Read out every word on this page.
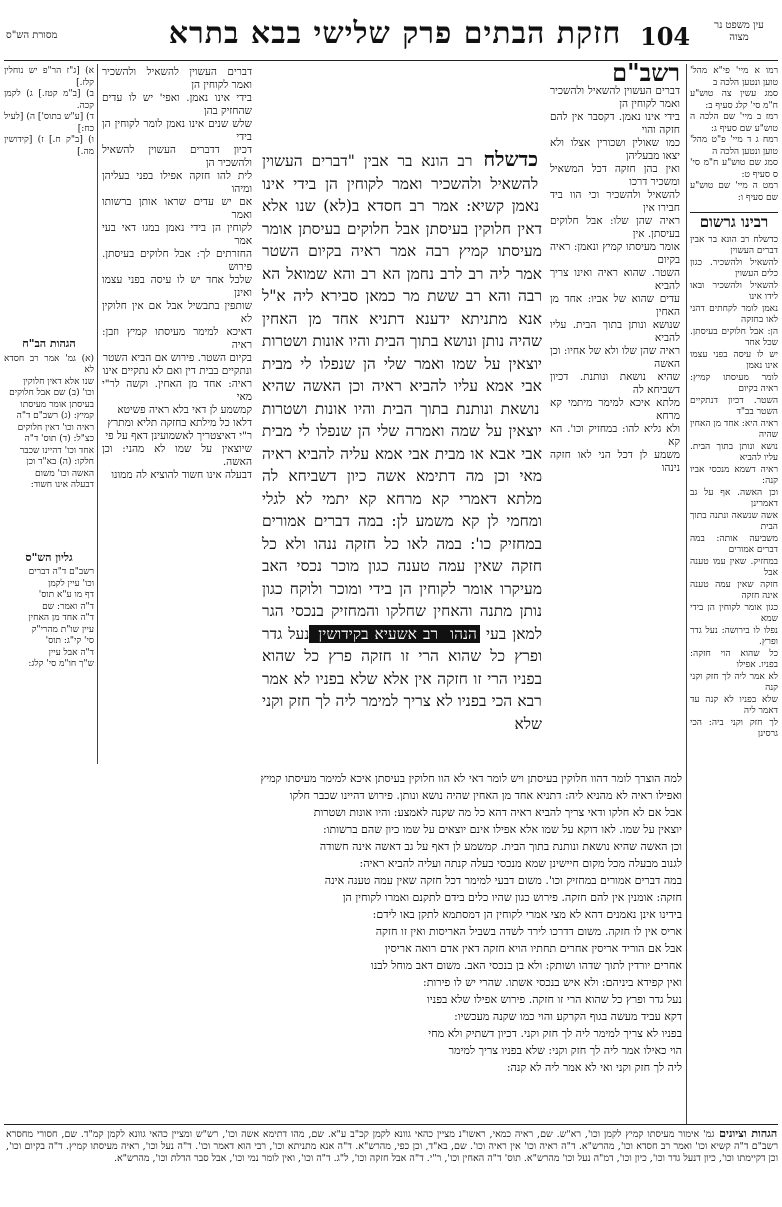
מסורת הש"ס	חזקת הבתים פרק שלישי בבא בתרא 104	עין משפט נר מצוה
א) [ג"ז הר"פ יש נוחלין קלז.]
ב) [ב"מ קטז.] ג) לקמן קכה.
ד) [ע"ש בתוס'] ה) [לעיל כח:]
ו) [ב"ק ח.] ז) [קידושין מה.]
הגהות הב"ח
(א) גמ' אמר רב חסדא לא
שנו אלא דאין חלוקין
וכו' (ב) שם אבל חלוקים
בעיסתן אומר מעיסתו
קמיץ: (ג) רשב"ם ד"ה
ראיה וכו' דאין חלוקים
כצ"ל: (ד) תוס' ד"ה
אחד וכו' דהיינו שכבר
חלקו: (ה) בא"ד וכן
האשה וכו' משום
דבעלה אינו חשוד:
גליון הש"ס
רשב"ם ד"ה דברים
וכו' עיין לקמן
דף מו ע"א תוס'
ד"ה ואמר: שם
ד"ה אחד מן האחין
עיין שו"ת מהרי"ק
סי' קי"ג: תוס'
ד"ה אבל עיין
ש"ך חו"מ סי' קלג:
דברים העשוין להשאיל ולהשכיר ואמר לקוחין הן
בידי אינו נאמן. ואפי' יש לו עדים שהחזיק בהן
שלש שנים אינו נאמן לומר לקוחין הן בידי
דכיון דדברים העשוין להשאיל ולהשכיר הן
לית להו חזקה אפילו בפני בעליהן ומיהו
אם יש עדים שראו אותן ברשותו ואמר
לקוחין הן בידי נאמן במגו דאי בעי אמר
החזרתים לך: אבל חלוקים בעיסתן. פירוש
שלכל אחד יש לו עיסה בפני עצמו ואינן
שותפין בתבשיל אבל אם אין חלוקין לא
דאיכא למימר מעיסתו קמיץ וזבן: ראיה
בקיום השטר. פירוש אם הביא השטר
ונתקיים בבית דין ואם לא נתקיים אינו
ראיה: אחד מן האחין. וקשה לר"י מאי
קמשמע לן דאי בלא ראיה פשיטא
דלאו כל מילתא בחזקה תליא ומתרץ
ר"י דאיצטריך לאשמועינן דאף על פי
שיוצאין על שמו לא מהני: וכן האשה.
דבעלה אינו חשוד להוציא לה ממונו
כדשלח רב הונא בר אבין "דברים העשוין להשאיל ולהשכיר ואמר לקוחין הן בידי אינו נאמן קשיא: אמר רב חסדא ב(לא) שנו אלא דאין חלוקין בעיסתן אבל חלוקים בעיסתן אומר מעיסתו קמיץ רבה אמר ראיה בקיום השטר אמר ליה רב לרב נחמן הא רב והא שמואל הא רבה והא רב ששת מר כמאן סבירא ליה א"ל אנא מתניתא ידענא דתניא אחד מן האחין שהיה נותן ונושא בתוך הבית והיו אונות ושטרות יוצאין על שמו ואמר שלי הן שנפלו לי מבית אבי אמא עליו להביא ראיה וכן האשה שהיא נושאת ונותנת בתוך הבית והיו אונות ושטרות יוצאין על שמה ואמרה שלי הן שנפלו לי מבית אבי אבא או מבית אבי אמא עליה להביא ראיה מאי וכן מה דתימא אשה כיון דשביחא לה מלתא דאמרי קא מרחא קא יתמי לא לגלי ומחמי לן קא משמע לן: במה דברים אמורים במחזיק כו': במה לאו כל חזקה ננהו ולא כל חזקה שאין עמה טענה כגון מוכר נכסי האב מעיקרו אומר לקוחין הן בידי ומוכר ולוקח כגון נותן מתנה והאחין שחלקו והמחזיק בנכסי הגר למאן בעי הנהו רב אשעיא בקידושין נעל גדר ופרץ כל שהוא הרי זו חזקה פרץ כל שהוא בפניו הרי זו חזקה אין אלא שלא בפניו לא אמר רבא הכי בפניו לא צריך למימר ליה לך חזק וקני שלא
רשב"ם
דברים העשוין להשאיל ולהשכיר ואמר לקוחין הן
בידי אינו נאמן. דקסבר אין להם חזקה והוי
כמו שאולין ושכורין אצלו ולא יצאו מבעליהן
ואין בהן חזקה דכל המשאיל ומשכיר דרכו
להשאיל ולהשכיר וכי הוו ביד חבירו אין
ראיה שהן שלו: אבל חלוקים בעיסתן. אין
אומר מעיסתו קמיץ ונאמן: ראיה בקיום
השטר. שהוא ראיה ואינו צריך להביא
עדים שהוא של אביו: אחד מן האחין
שנושא ונותן בתוך הבית. עליו להביא
ראיה שהן שלו ולא של אחיו: וכן האשה
שהיא נושאת ונותנת. דכיון דשביחא לה
מלתא איכא למימר מיתמי קא מרחא
ולא גליא להו: במחזיק וכו'. הא קא
משמע לן דכל הני לאו חזקה נינהו
רמו א מיי' פי"א מהל' טוען ונטען הלכה ב
סמג עשין צה טוש"ע ח"מ סי' קלג סעיף ב:
רמז ב מיי' שם הלכה ה טוש"ע שם סעיף ג:
רמח ג ד מיי' פ"ט מהל' טוען ונטען הלכה ה
סמג שם טוש"ע ח"מ סי' ס סעיף ט:
רמט ה מיי' שם טוש"ע שם סעיף ו:
רבינו גרשום
כדשלח רב הונא בר אבין דברים העשוין
להשאיל ולהשכיר. כגון כלים העשוין
להשאיל ולהשכיר ובאו לידו אינו
נאמן לומר לקחתים דהני לאו בחזקה
הן: אבל חלוקים בעיסתן. שכל אחד
יש לו עיסה בפני עצמו אינו נאמן
לומר מעיסתו קמיץ: ראיה בקיום
השטר. דכיון דנתקיים השטר בב"ד
ראיה היא: אחד מן האחין שהיה
נושא ונותן בתוך הבית. עליו להביא
ראיה דשמא מנכסי אביו קנה:
וכן האשה. אף על גב דאמרינן
אשה שנשאה ונתנה בתוך הבית
משביעה אותה: במה דברים אמורים
במחזיק. שאין עמו טענה אבל
חזקה שאין עמה טענה אינה חזקה
כגון אומר לקוחין הן בידי שמא
נפלו לו בירושה: נעל גדר ופרץ.
כל שהוא הוי חזקה: בפניו. אפילו
לא אמר ליה לך חזק וקני קנה
שלא בפניו לא קנה עד דאמר ליה
לך חזק וקני ביה: הכי גרסינן
למה הוצרך לומר דהוו חלוקין בעיסתן ויש לומר דאי לא הוו חלוקין בעיסתן איכא למימר מעיסתו קמיץ
ואפילו ראיה לא מהניא ליה: דתניא אחד מן האחין שהיה נושא ונותן. פירוש דהיינו שכבר חלקו
אבל אם לא חלקו ודאי צריך להביא ראיה דהא כל מה שקנה לאמצע: והיו אונות ושטרות
יוצאין על שמו. לאו דוקא על שמו אלא אפילו אינם יוצאים על שמו כיון שהם ברשותו:
וכן האשה שהיא נושאת ונותנת בתוך הבית. קמשמע לן דאף על גב דאשה אינה חשודה
לגנוב מבעלה מכל מקום חיישינן שמא מנכסי בעלה קנתה ועליה להביא ראיה:
במה דברים אמורים במחזיק וכו'. משום דבעי למימר דכל חזקה שאין עמה טענה אינה
חזקה: אומנין אין להם חזקה. פירוש כגון שהיו כלים בידם לתקנם ואמרו לקוחין הן
בידינו אינן נאמנים דהא לא מצי אמרי לקוחין הן דמסתמא לתקן באו לידם:
אריס אין לו חזקה. משום דדרכו לירד לשדה בשביל האריסות ואין זו חזקה
אבל אם הוריד אריסין אחרים תחתיו הויא חזקה דאין אדם רואה אריסין
אחרים יורדין לתוך שדהו ושותק: ולא בן בנכסי האב. משום דאב מוחל לבנו
ואין קפידא ביניהם: ולא איש בנכסי אשתו. שהרי יש לו פירות:
נעל גדר ופרץ כל שהוא הרי זו חזקה. פירוש אפילו שלא בפניו
דקא עביד מעשה בגוף הקרקע והוי כמו שקנה מעכשיו:
בפניו לא צריך למימר ליה לך חזק וקני. דכיון דשתיק ולא מחי
הוי כאילו אמר ליה לך חזק וקני: שלא בפניו צריך למימר
ליה לך חזק וקני ואי לא אמר ליה לא קנה:
הגהות וציונים גמ' אימור מעיסתו קמיץ לקמן וכו', רא"ש. שם, ראיה כמאי, ראשו"נ מציין כהאי גוונא לקמן קכ"ב ע"א. שם, מהו דתימא אשה וכו', רש"ש ומציין כהאי גוונא לקמן קמ"ד. שם, חסורי מחסרא רשב"ם ד"ה קשיא וכו' ואמר רב חסדא וכו', מהרש"א. ד"ה ראיה וכו' אין ראיה וכו'. שם, בא"ד, וכן כפי, מהרש"א. ד"ה אנא מתניתא וכו', רבי הוא דאמר וכו'. ד"ה נעל וכו', ראיה מעיסתו קמיץ. ד"ה בקיום וכו', וכן דקיימתו וכו', כיון דנעל גדר וכו', כיון וכו', דמ"ה נעל וכו' מהרש"א. תוס' ד"ה האחין וכו', ר"י. ד"ה אבל חזקה וכו', ל"ג. ד"ה וכו', ואין לומר נמי וכו', אבל סבר הדלת וכו', מהרש"א.
